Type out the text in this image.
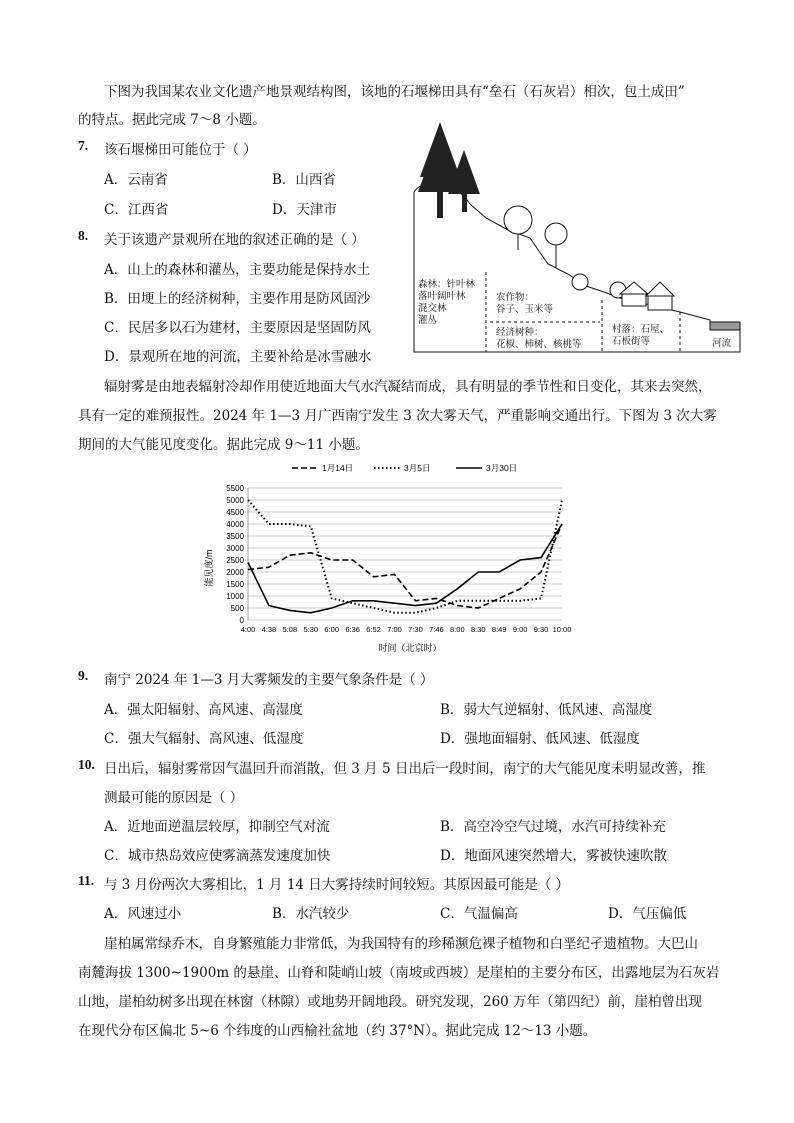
下图为我国某农业文化遗产地景观结构图，该地的石堰梯田具有“垒石（石灰岩）相次，包土成田”
的特点。据此完成 7～8 小题。
7. 该石堰梯田可能位于（ ）
A．云南省	B．山西省
C．江西省	D．天津市
8. 关于该遗产景观所在地的叙述正确的是（ ）
A．山上的森林和灌丛，主要功能是保持水土
B．田埂上的经济树种，主要作用是防风固沙
C．民居多以石为建材，主要原因是坚固防风
D．景观所在地的河流，主要补给是冰雪融水
森林：针叶林
落叶阔叶林
混交林
灌丛
农作物：
谷子、玉米等
经济树种：
花椒、柿树、核桃等
村落：石屋、
石板街等	河流
辐射雾是由地表辐射冷却作用使近地面大气水汽凝结而成，具有明显的季节性和日变化，其来去突然，
具有一定的难预报性。2024 年 1—3 月广西南宁发生 3 次大雾天气，严重影响交通出行。下图为 3 次大雾
期间的大气能见度变化。据此完成 9～11 小题。
1月14日	3月5日	3月30日
0
500
1000
1500
2000
2500
3000
3500
4000
4500
5000
5500
4:00 4:38 5:08 5:30 6:00 6:36 6:52 7:00 7:30 7:46 8:00 8:30 8:49 9:00 9:30 10:00
能见度/m
时间（北京时）
9. 南宁 2024 年 1—3 月大雾频发的主要气象条件是（ ）
A．强太阳辐射、高风速、高湿度	B．弱大气逆辐射、低风速、高湿度
C．强大气辐射、高风速、低湿度	D．强地面辐射、低风速、低湿度
10. 日出后，辐射雾常因气温回升而消散，但 3 月 5 日出后一段时间，南宁的大气能见度未明显改善，推
测最可能的原因是（ ）
A．近地面逆温层较厚，抑制空气对流	B．高空冷空气过境，水汽可持续补充
C．城市热岛效应使雾滴蒸发速度加快	D．地面风速突然增大，雾被快速吹散
11. 与 3 月份两次大雾相比，1 月 14 日大雾持续时间较短。其原因最可能是（ ）
A．风速过小	B．水汽较少	C．气温偏高	D．气压偏低
崖柏属常绿乔木，自身繁殖能力非常低，为我国特有的珍稀濒危裸子植物和白垩纪孑遗植物。大巴山
南麓海拔 1300~1900m 的悬崖、山脊和陡峭山坡（南坡或西坡）是崖柏的主要分布区，出露地层为石灰岩
山地，崖柏幼树多出现在林窗（林隙）或地势开阔地段。研究发现，260 万年（第四纪）前，崖柏曾出现
在现代分布区偏北 5~6 个纬度的山西榆社盆地（约 37°N）。据此完成 12～13 小题。
